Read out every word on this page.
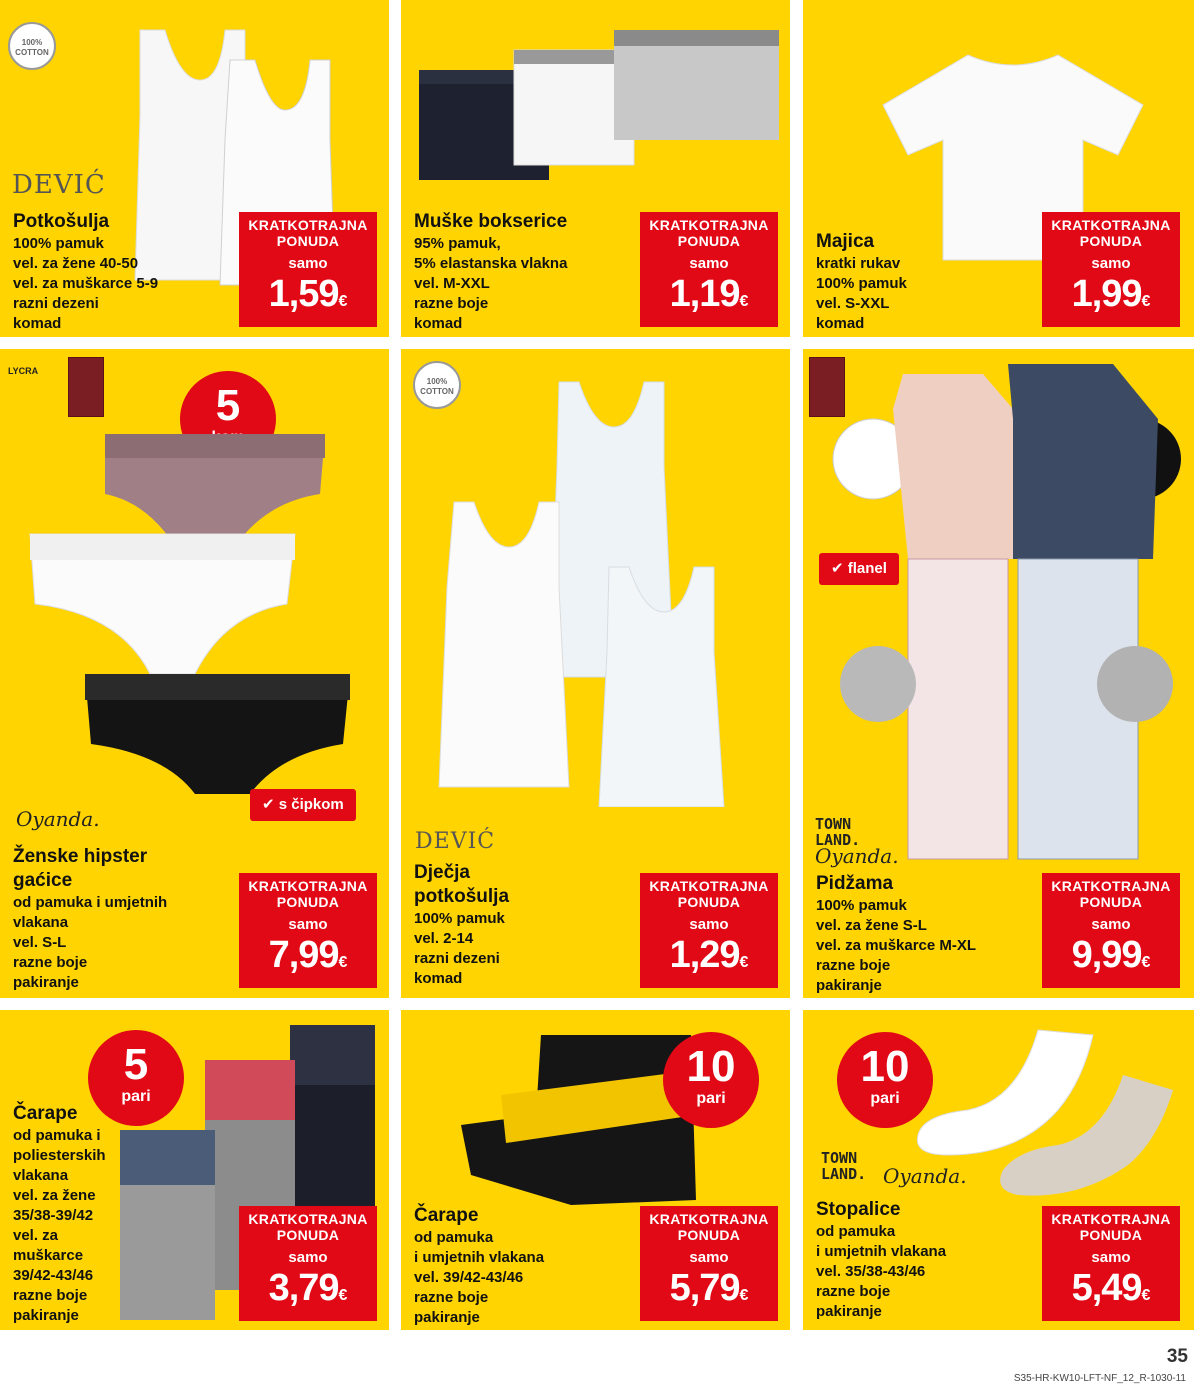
100% COTTON
DEVIĆ
Potkošulja
100% pamuk
vel. za žene 40-50
vel. za muškarce 5-9
razni dezeni
komad
KRATKOTRAJNA PONUDA
samo
1,59€
Muške bokserice
95% pamuk,
5% elastanska vlakna
vel. M-XXL
razne boje
komad
KRATKOTRAJNA PONUDA
samo
1,19€
Majica
kratki rukav
100% pamuk
vel. S-XXL
komad
KRATKOTRAJNA PONUDA
samo
1,99€
LYCRA
5
✔ s čipkom
Oyanda.
Ženske hipster
gaćice
od pamuka i umjetnih
vlakana
vel. S-L
razne boje
pakiranje
KRATKOTRAJNA PONUDA
samo
7,99€
100% COTTON
DEVIĆ
Dječja
potkošulja
100% pamuk
vel. 2-14
razni dezeni
komad
KRATKOTRAJNA PONUDA
samo
1,29€
✔ flanel
TOWN LAND.
Oyanda.
Pidžama
100% pamuk
vel. za žene S-L
vel. za muškarce M-XL
razne boje
pakiranje
KRATKOTRAJNA PONUDA
samo
9,99€
5
pari
Čarape
od pamuka i
poliesterskih
vlakana
vel. za žene
35/38-39/42
vel. za
muškarce
39/42-43/46
razne boje
pakiranje
KRATKOTRAJNA PONUDA
samo
3,79€
10
pari
Čarape
od pamuka
i umjetnih vlakana
vel. 39/42-43/46
razne boje
pakiranje
KRATKOTRAJNA PONUDA
samo
5,79€
10
pari
TOWN LAND. Oyanda.
Stopalice
od pamuka
i umjetnih vlakana
vel. 35/38-43/46
razne boje
pakiranje
KRATKOTRAJNA PONUDA
samo
5,49€
35
S35-HR-KW10-LFT-NF_12_R-1030-11
